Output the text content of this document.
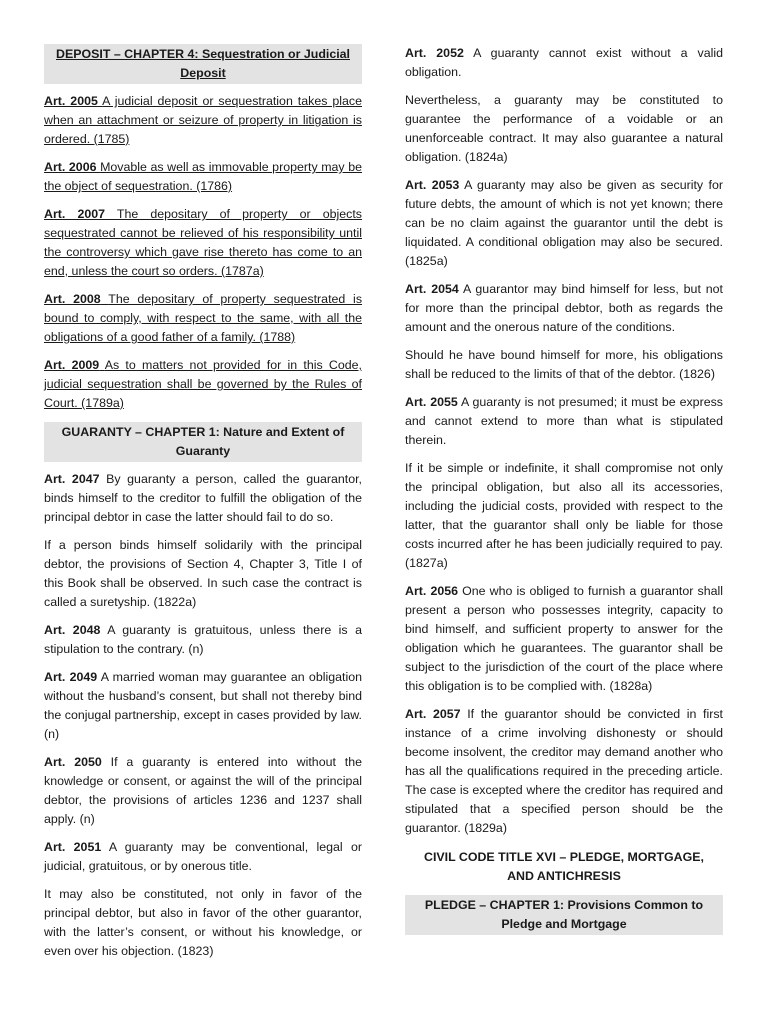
DEPOSIT – CHAPTER 4: Sequestration or Judicial Deposit

Art. 2005 A judicial deposit or sequestration takes place when an attachment or seizure of property in litigation is ordered. (1785)

Art. 2006 Movable as well as immovable property may be the object of sequestration. (1786)

Art. 2007 The depositary of property or objects sequestrated cannot be relieved of his responsibility until the controversy which gave rise thereto has come to an end, unless the court so orders. (1787a)

Art. 2008 The depositary of property sequestrated is bound to comply, with respect to the same, with all the obligations of a good father of a family. (1788)

Art. 2009 As to matters not provided for in this Code, judicial sequestration shall be governed by the Rules of Court. (1789a)

GUARANTY – CHAPTER 1: Nature and Extent of Guaranty

Art. 2047 By guaranty a person, called the guarantor, binds himself to the creditor to fulfill the obligation of the principal debtor in case the latter should fail to do so.

If a person binds himself solidarily with the principal debtor, the provisions of Section 4, Chapter 3, Title I of this Book shall be observed. In such case the contract is called a suretyship. (1822a)

Art. 2048 A guaranty is gratuitous, unless there is a stipulation to the contrary. (n)

Art. 2049 A married woman may guarantee an obligation without the husband’s consent, but shall not thereby bind the conjugal partnership, except in cases provided by law. (n)

Art. 2050 If a guaranty is entered into without the knowledge or consent, or against the will of the principal debtor, the provisions of articles 1236 and 1237 shall apply. (n)

Art. 2051 A guaranty may be conventional, legal or judicial, gratuitous, or by onerous title.

It may also be constituted, not only in favor of the principal debtor, but also in favor of the other guarantor, with the latter’s consent, or without his knowledge, or even over his objection. (1823)

Art. 2052 A guaranty cannot exist without a valid obligation.

Nevertheless, a guaranty may be constituted to guarantee the performance of a voidable or an unenforceable contract. It may also guarantee a natural obligation. (1824a)

Art. 2053 A guaranty may also be given as security for future debts, the amount of which is not yet known; there can be no claim against the guarantor until the debt is liquidated. A conditional obligation may also be secured. (1825a)

Art. 2054 A guarantor may bind himself for less, but not for more than the principal debtor, both as regards the amount and the onerous nature of the conditions.

Should he have bound himself for more, his obligations shall be reduced to the limits of that of the debtor. (1826)

Art. 2055 A guaranty is not presumed; it must be express and cannot extend to more than what is stipulated therein.

If it be simple or indefinite, it shall compromise not only the principal obligation, but also all its accessories, including the judicial costs, provided with respect to the latter, that the guarantor shall only be liable for those costs incurred after he has been judicially required to pay. (1827a)

Art. 2056 One who is obliged to furnish a guarantor shall present a person who possesses integrity, capacity to bind himself, and sufficient property to answer for the obligation which he guarantees. The guarantor shall be subject to the jurisdiction of the court of the place where this obligation is to be complied with. (1828a)

Art. 2057 If the guarantor should be convicted in first instance of a crime involving dishonesty or should become insolvent, the creditor may demand another who has all the qualifications required in the preceding article. The case is excepted where the creditor has required and stipulated that a specified person should be the guarantor. (1829a)

CIVIL CODE TITLE XVI – PLEDGE, MORTGAGE, AND ANTICHRESIS
PLEDGE – CHAPTER 1: Provisions Common to Pledge and Mortgage
